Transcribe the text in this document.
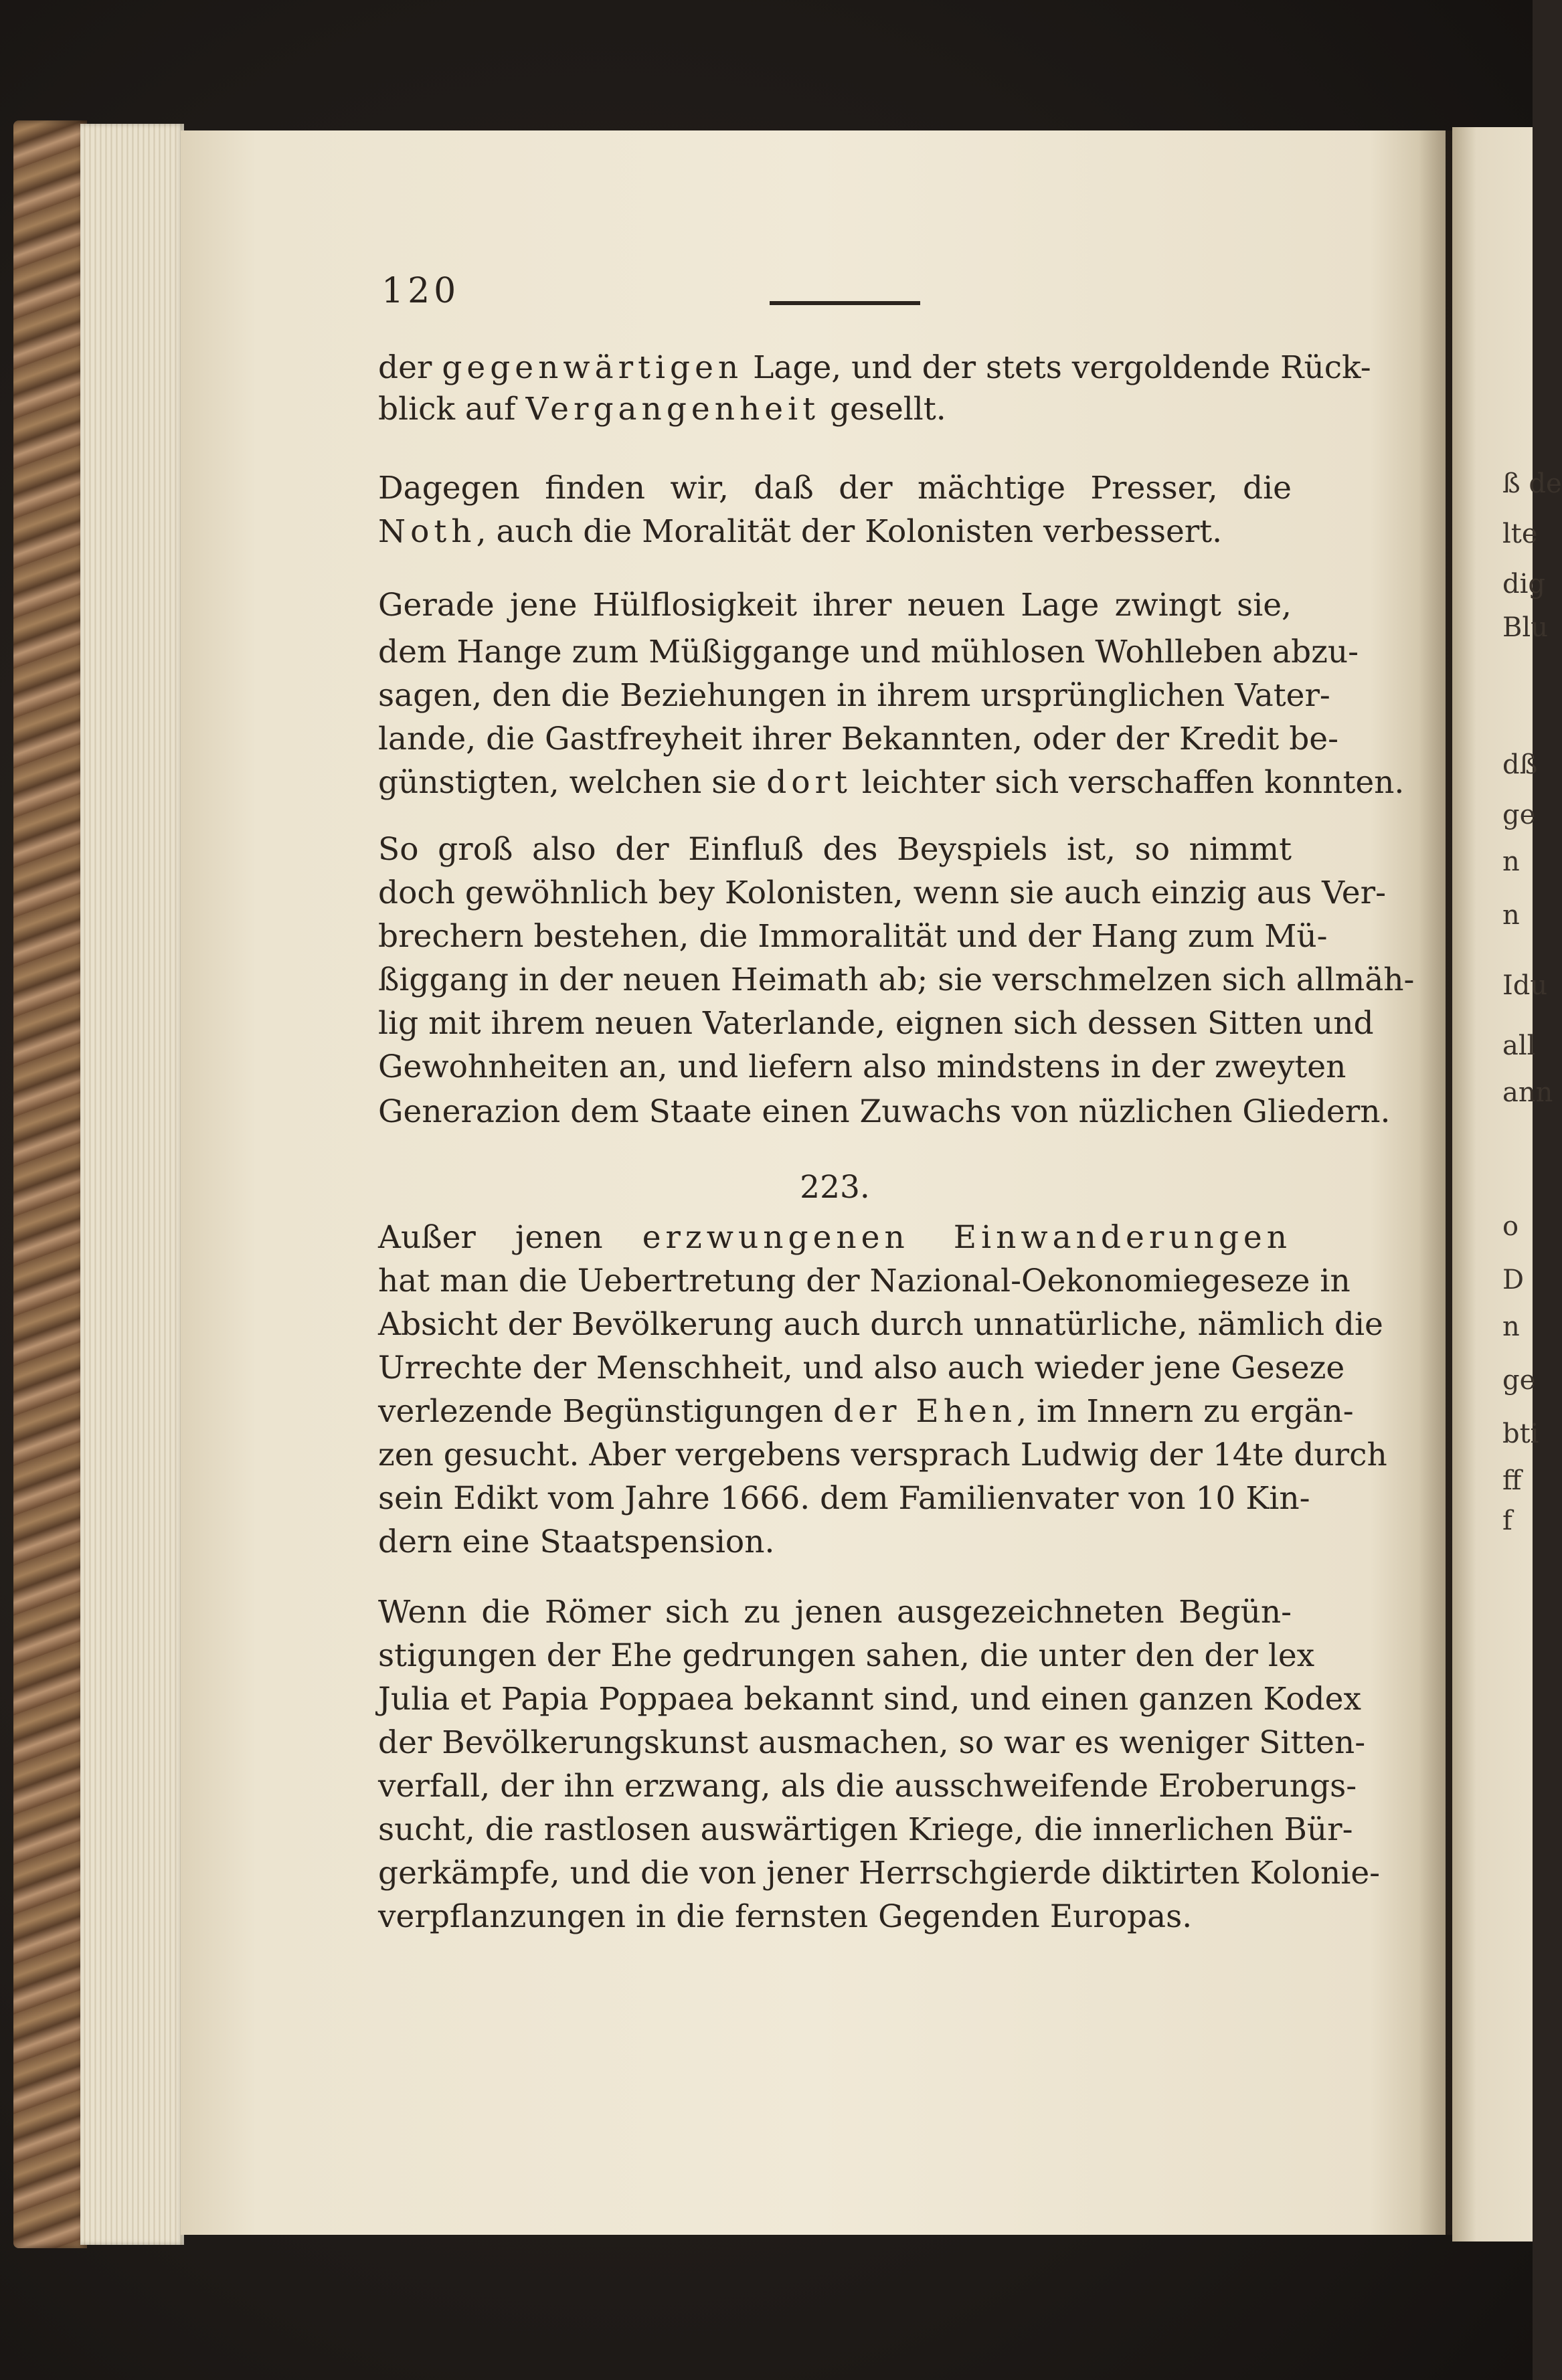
ß de
lte
dig
Blu
dß
ge
n
n
Idu
all
ann
o
D
n
ge
bti
ff
f
120
der gegenwärtigen Lage, und der stets vergoldende Rück-
blick auf Vergangenheit gesellt.
Dagegen finden wir, daß der mächtige Presser, die
Noth, auch die Moralität der Kolonisten verbessert.
Gerade jene Hülflosigkeit ihrer neuen Lage zwingt sie,
dem Hange zum Müßiggange und mühlosen Wohlleben abzu-
sagen, den die Beziehungen in ihrem ursprünglichen Vater-
lande, die Gastfreyheit ihrer Bekannten, oder der Kredit be-
günstigten, welchen sie dort leichter sich verschaffen konnten.
So groß also der Einfluß des Beyspiels ist, so nimmt
doch gewöhnlich bey Kolonisten, wenn sie auch einzig aus Ver-
brechern bestehen, die Immoralität und der Hang zum Mü-
ßiggang in der neuen Heimath ab; sie verschmelzen sich allmäh-
lig mit ihrem neuen Vaterlande, eignen sich dessen Sitten und
Gewohnheiten an, und liefern also mindstens in der zweyten
Generazion dem Staate einen Zuwachs von nüzlichen Gliedern.
223.
Außer jenen erzwungenen Einwanderungen
hat man die Uebertretung der Nazional-Oekonomiegeseze in
Absicht der Bevölkerung auch durch unnatürliche, nämlich die
Urrechte der Menschheit, und also auch wieder jene Geseze
verlezende Begünstigungen der Ehen, im Innern zu ergän-
zen gesucht. Aber vergebens versprach Ludwig der 14te durch
sein Edikt vom Jahre 1666. dem Familienvater von 10 Kin-
dern eine Staatspension.
Wenn die Römer sich zu jenen ausgezeichneten Begün-
stigungen der Ehe gedrungen sahen, die unter den der lex
Julia et Papia Poppaea bekannt sind, und einen ganzen Kodex
der Bevölkerungskunst ausmachen, so war es weniger Sitten-
verfall, der ihn erzwang, als die ausschweifende Eroberungs-
sucht, die rastlosen auswärtigen Kriege, die innerlichen Bür-
gerkämpfe, und die von jener Herrschgierde diktirten Kolonie-
verpflanzungen in die fernsten Gegenden Europas.
